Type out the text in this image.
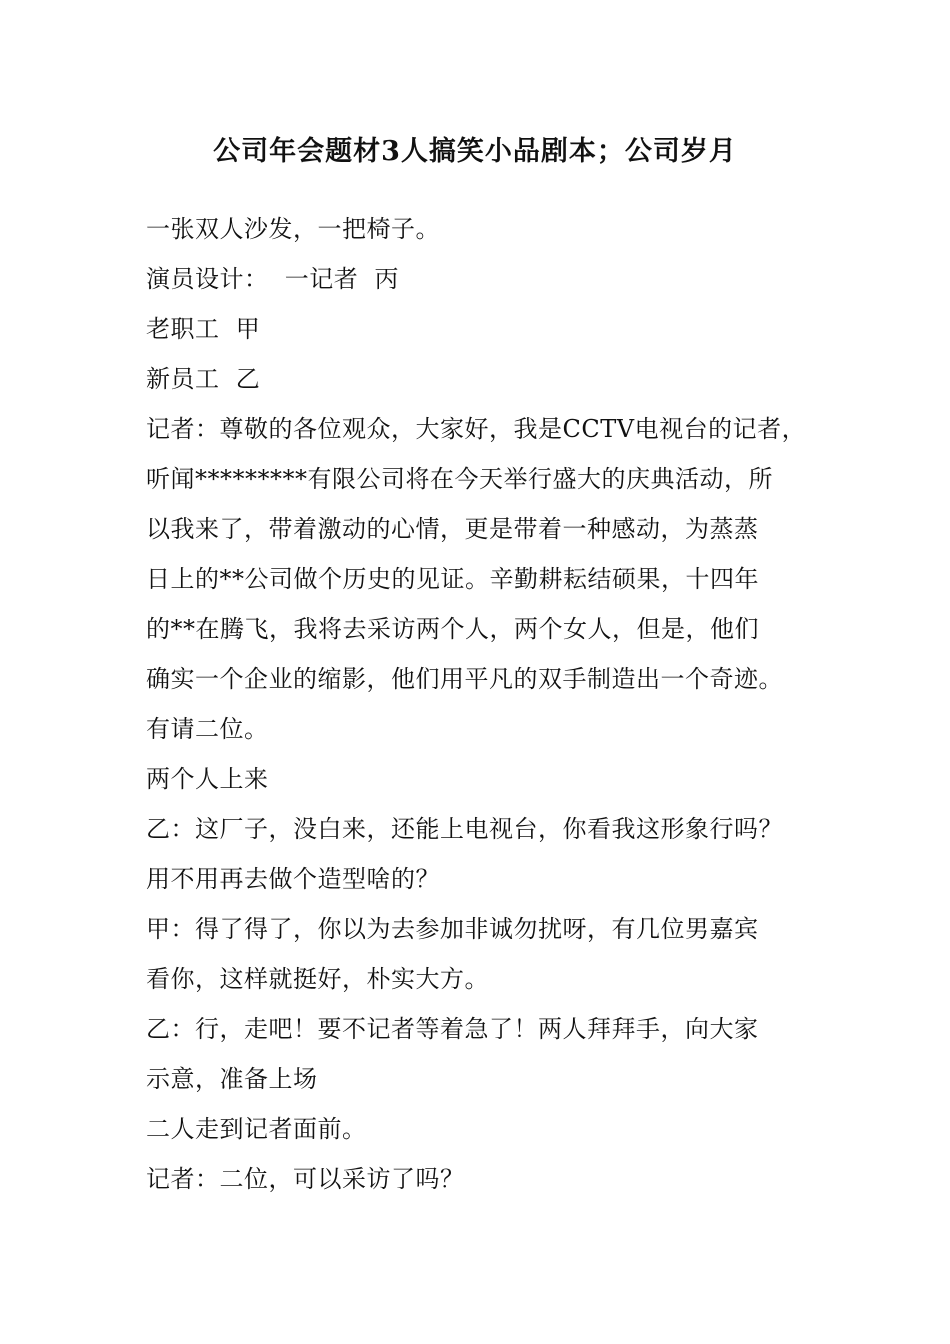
公司年会题材3人搞笑小品剧本；公司岁月
一张双人沙发，一把椅子。
演员设计：  一记者  丙
老职工  甲
新员工  乙
记者：尊敬的各位观众，大家好，我是CCTV电视台的记者，
听闻*********有限公司将在今天举行盛大的庆典活动，所
以我来了，带着激动的心情，更是带着一种感动，为蒸蒸
日上的**公司做个历史的见证。辛勤耕耘结硕果，十四年
的**在腾飞，我将去采访两个人，两个女人，但是，他们
确实一个企业的缩影，他们用平凡的双手制造出一个奇迹。
有请二位。
两个人上来
乙：这厂子，没白来，还能上电视台，你看我这形象行吗？
用不用再去做个造型啥的？
甲：得了得了，你以为去参加非诚勿扰呀，有几位男嘉宾
看你，这样就挺好，朴实大方。
乙：行，走吧！要不记者等着急了！两人拜拜手，向大家
示意，准备上场
二人走到记者面前。
记者：二位，可以采访了吗？
